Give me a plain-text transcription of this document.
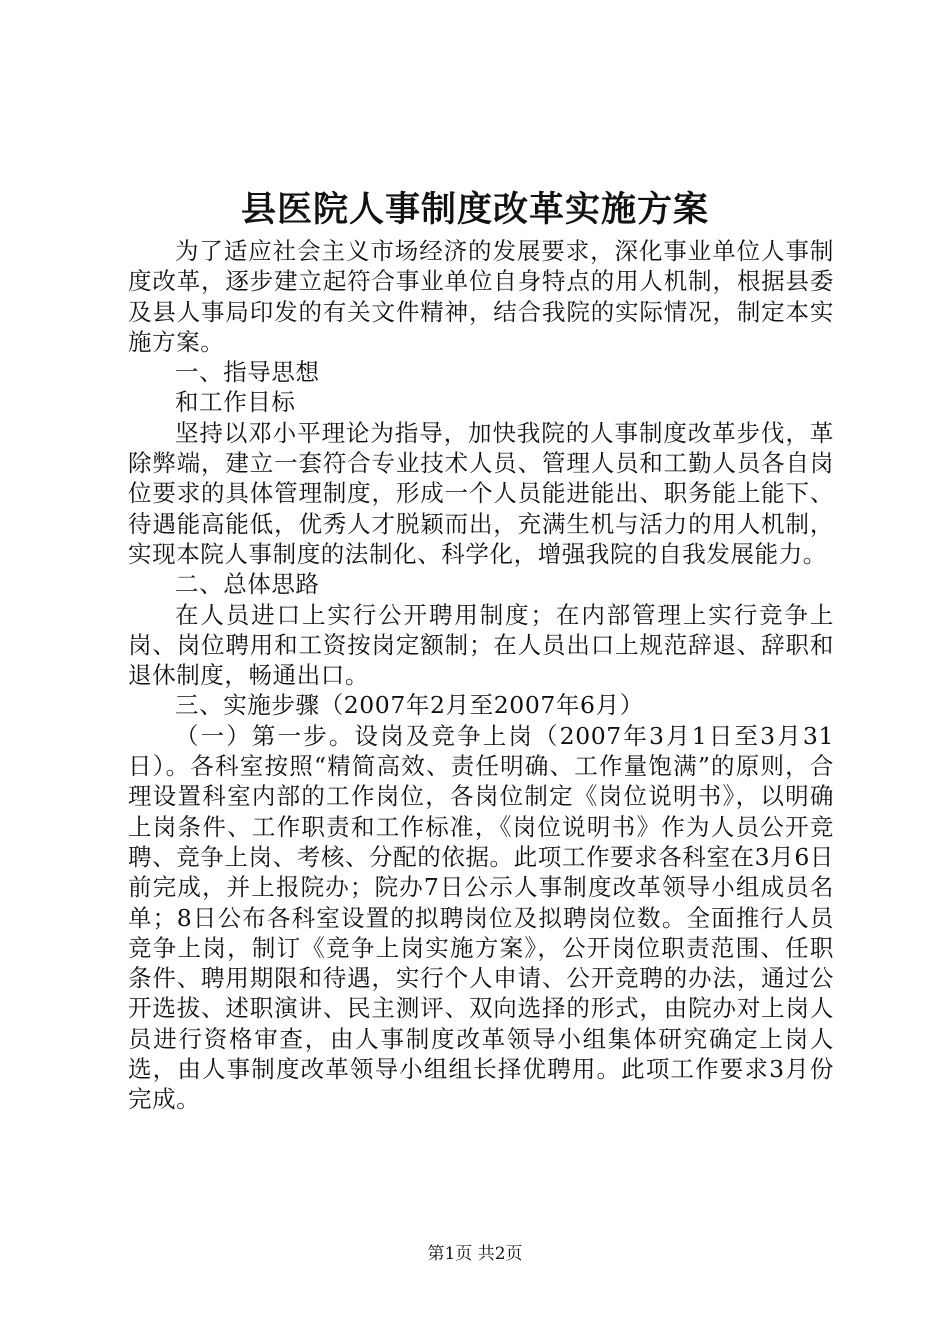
县医院人事制度改革实施方案

为了适应社会主义市场经济的发展要求，深化事业单位人事制度改革，逐步建立起符合事业单位自身特点的用人机制，根据县委及县人事局印发的有关文件精神，结合我院的实际情况，制定本实施方案。

一、指导思想

和工作目标

坚持以邓小平理论为指导，加快我院的人事制度改革步伐，革除弊端，建立一套符合专业技术人员、管理人员和工勤人员各自岗位要求的具体管理制度，形成一个人员能进能出、职务能上能下、待遇能高能低，优秀人才脱颖而出，充满生机与活力的用人机制，实现本院人事制度的法制化、科学化，增强我院的自我发展能力。

二、总体思路

在人员进口上实行公开聘用制度；在内部管理上实行竞争上岗、岗位聘用和工资按岗定额制；在人员出口上规范辞退、辞职和退休制度，畅通出口。

三、实施步骤（2007年2月至2007年6月）

（一）第一步。设岗及竞争上岗（2007年3月1日至3月31日）。各科室按照“精简高效、责任明确、工作量饱满”的原则，合理设置科室内部的工作岗位，各岗位制定《岗位说明书》，以明确上岗条件、工作职责和工作标准，《岗位说明书》作为人员公开竞聘、竞争上岗、考核、分配的依据。此项工作要求各科室在3月6日前完成，并上报院办；院办7日公示人事制度改革领导小组成员名单；8日公布各科室设置的拟聘岗位及拟聘岗位数。全面推行人员竞争上岗，制订《竞争上岗实施方案》，公开岗位职责范围、任职条件、聘用期限和待遇，实行个人申请、公开竞聘的办法，通过公开选拔、述职演讲、民主测评、双向选择的形式，由院办对上岗人员进行资格审查，由人事制度改革领导小组集体研究确定上岗人选，由人事制度改革领导小组组长择优聘用。此项工作要求3月份完成。

第1页 共2页
